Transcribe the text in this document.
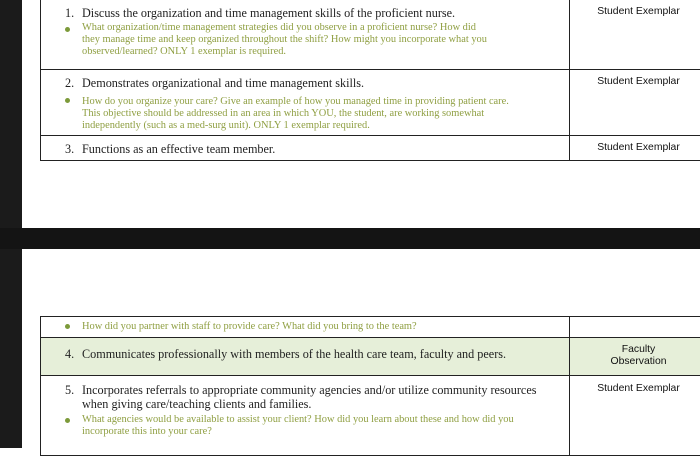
1. Discuss the organization and time management skills of the proficient nurse.
What organization/time management strategies did you observe in a proficient nurse? How did
they manage time and keep organized throughout the shift? How might you incorporate what you
observed/learned? ONLY 1 exemplar is required.
Student Exemplar
2. Demonstrates organizational and time management skills.
How do you organize your care? Give an example of how you managed time in providing patient care.
This objective should be addressed in an area in which YOU, the student, are working somewhat
independently (such as a med-surg unit). ONLY 1 exemplar required.
Student Exemplar
3. Functions as an effective team member.	Student Exemplar
How did you partner with staff to provide care? What did you bring to the team?
4. Communicates professionally with members of the health care team, faculty and peers.	Faculty
Observation
5. Incorporates referrals to appropriate community agencies and/or utilize community resources
when giving care/teaching clients and families.
What agencies would be available to assist your client? How did you learn about these and how did you
incorporate this into your care?
Student Exemplar
